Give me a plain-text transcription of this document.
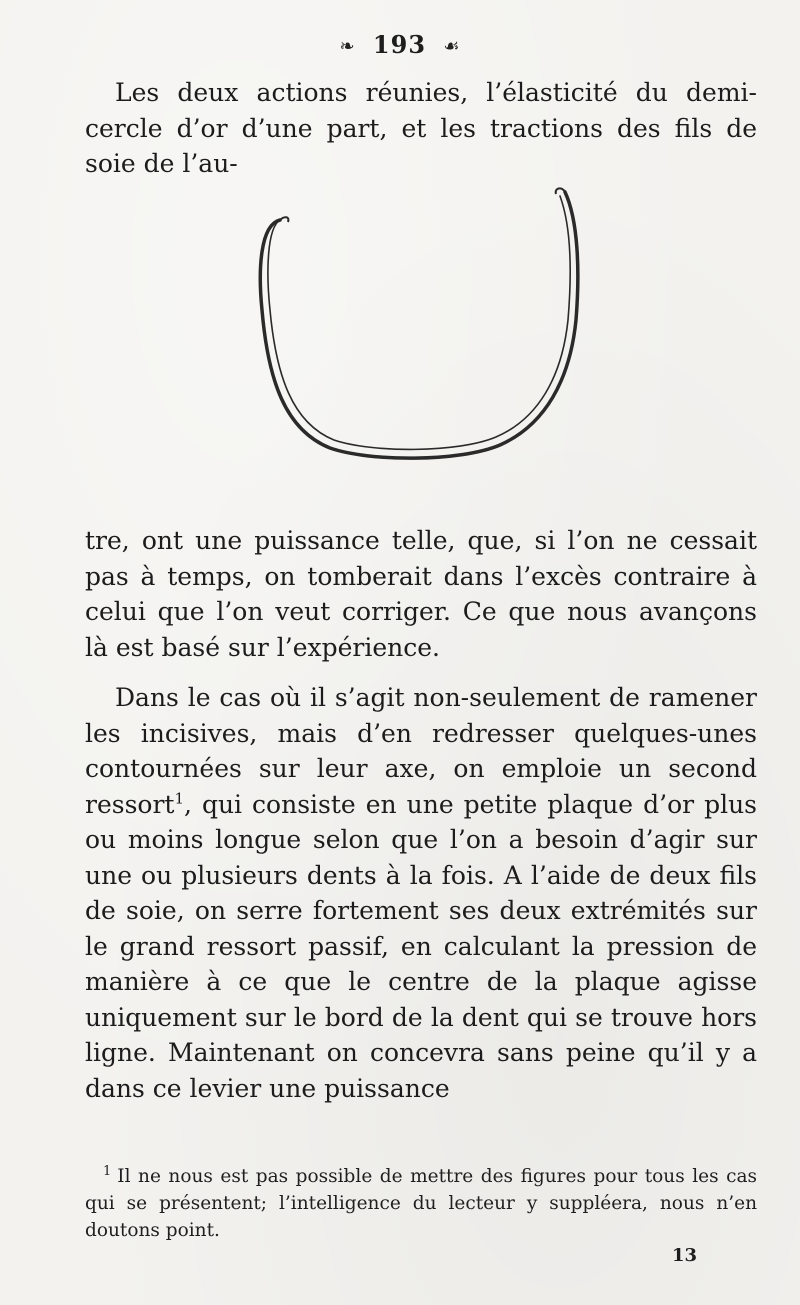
❧ 193 ☙

Les deux actions réunies, l’élasticité du demi-cercle d’or d’une part, et les tractions des fils de soie de l’au-

tre, ont une puissance telle, que, si l’on ne cessait pas à temps, on tomberait dans l’excès contraire à celui que l’on veut corriger. Ce que nous avançons là est basé sur l’expérience.

Dans le cas où il s’agit non-seulement de ramener les incisives, mais d’en redresser quelques-unes contournées sur leur axe, on emploie un second ressort$^1$, qui consiste en une petite plaque d’or plus ou moins longue selon que l’on a besoin d’agir sur une ou plusieurs dents à la fois. A l’aide de deux fils de soie, on serre fortement ses deux extrémités sur le grand ressort passif, en calculant la pression de manière à ce que le centre de la plaque agisse uniquement sur le bord de la dent qui se trouve hors ligne. Maintenant on concevra sans peine qu’il y a dans ce levier une puissance

$^1$ Il ne nous est pas possible de mettre des figures pour tous les cas qui se présentent; l’intelligence du lecteur y suppléera, nous n’en doutons point.
13
